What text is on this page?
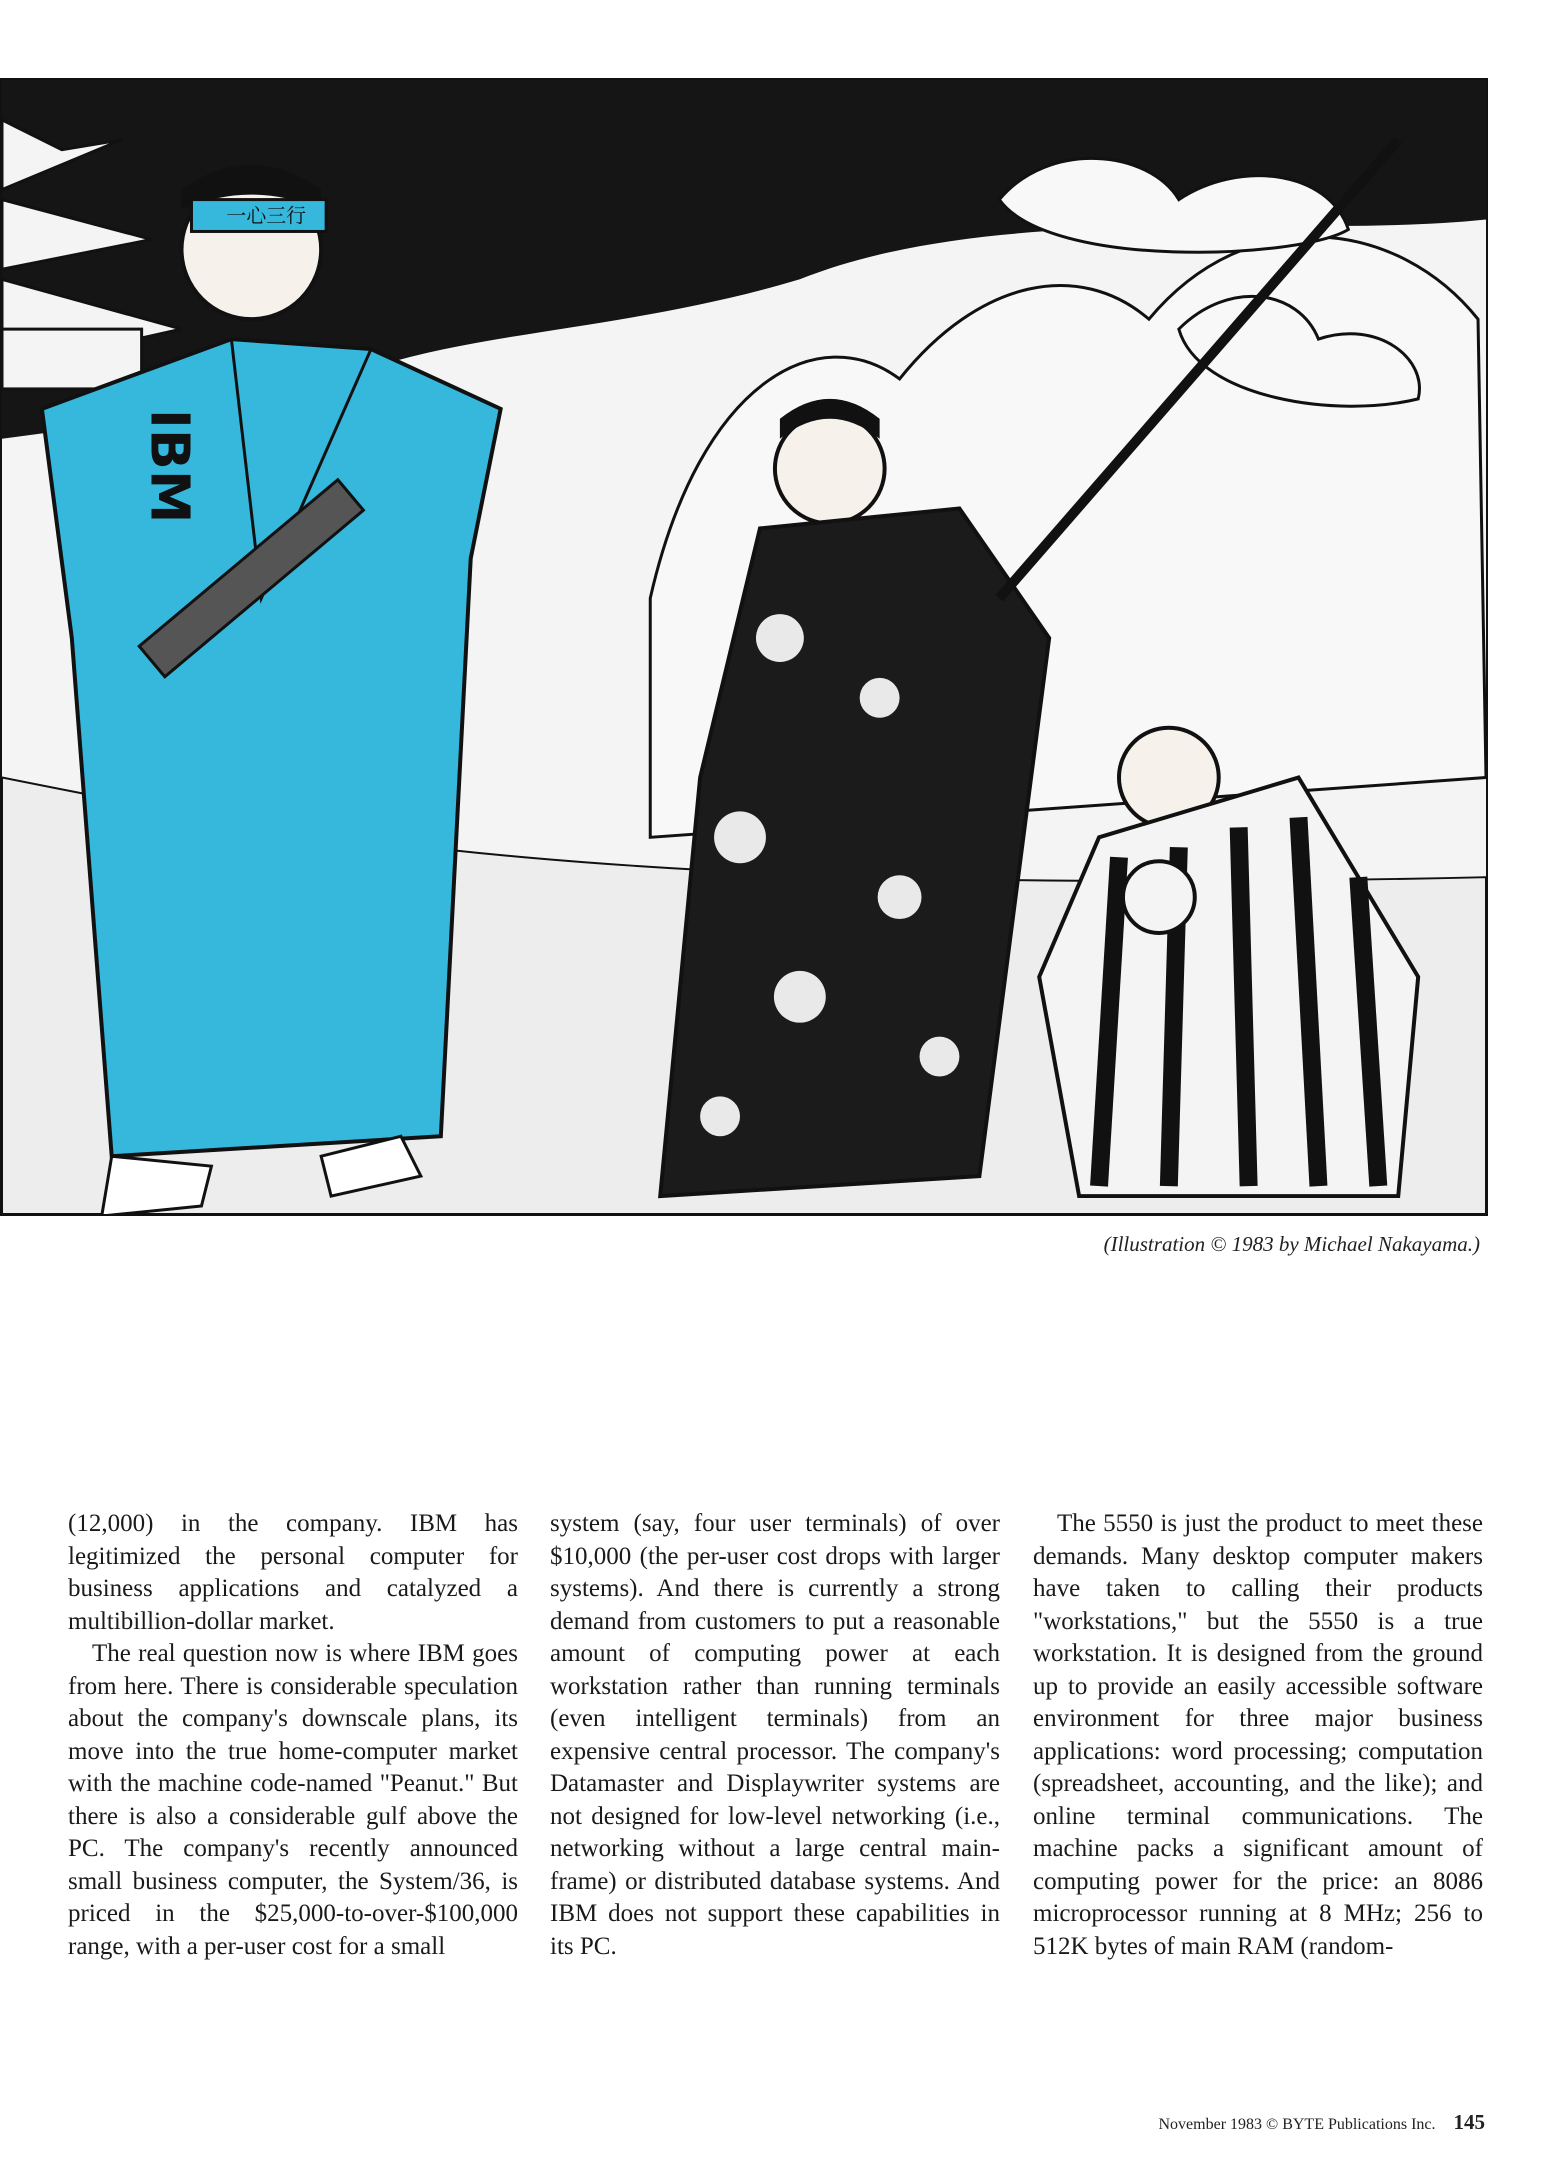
一心三行
IBM
(Illustration © 1983 by Michael Nakayama.)

(12,000) in the company. IBM has legitimized the personal computer for business applications and catalyzed a multibillion-dollar market.

The real question now is where IBM goes from here. There is considerable speculation about the company's downscale plans, its move into the true home-computer market with the machine code-named "Peanut." But there is also a considerable gulf above the PC. The company's recently announced small business computer, the System/36, is priced in the $25,000-to-over-$100,000 range, with a per-user cost for a small

system (say, four user terminals) of over $10,000 (the per-user cost drops with larger systems). And there is currently a strong demand from customers to put a reasonable amount of computing power at each workstation rather than running terminals (even intelligent terminals) from an expensive central processor. The company's Datamaster and Displaywriter systems are not designed for low-level networking (i.e., networking without a large central mainframe) or distributed database systems. And IBM does not support these capabilities in its PC.

The 5550 is just the product to meet these demands. Many desktop computer makers have taken to calling their products "workstations," but the 5550 is a true workstation. It is designed from the ground up to provide an easily accessible software environment for three major business applications: word processing; computation (spreadsheet, accounting, and the like); and online terminal communications. The machine packs a significant amount of computing power for the price: an 8086 microprocessor running at 8 MHz; 256 to 512K bytes of main RAM (random-

November 1983 © BYTE Publications Inc. 145
